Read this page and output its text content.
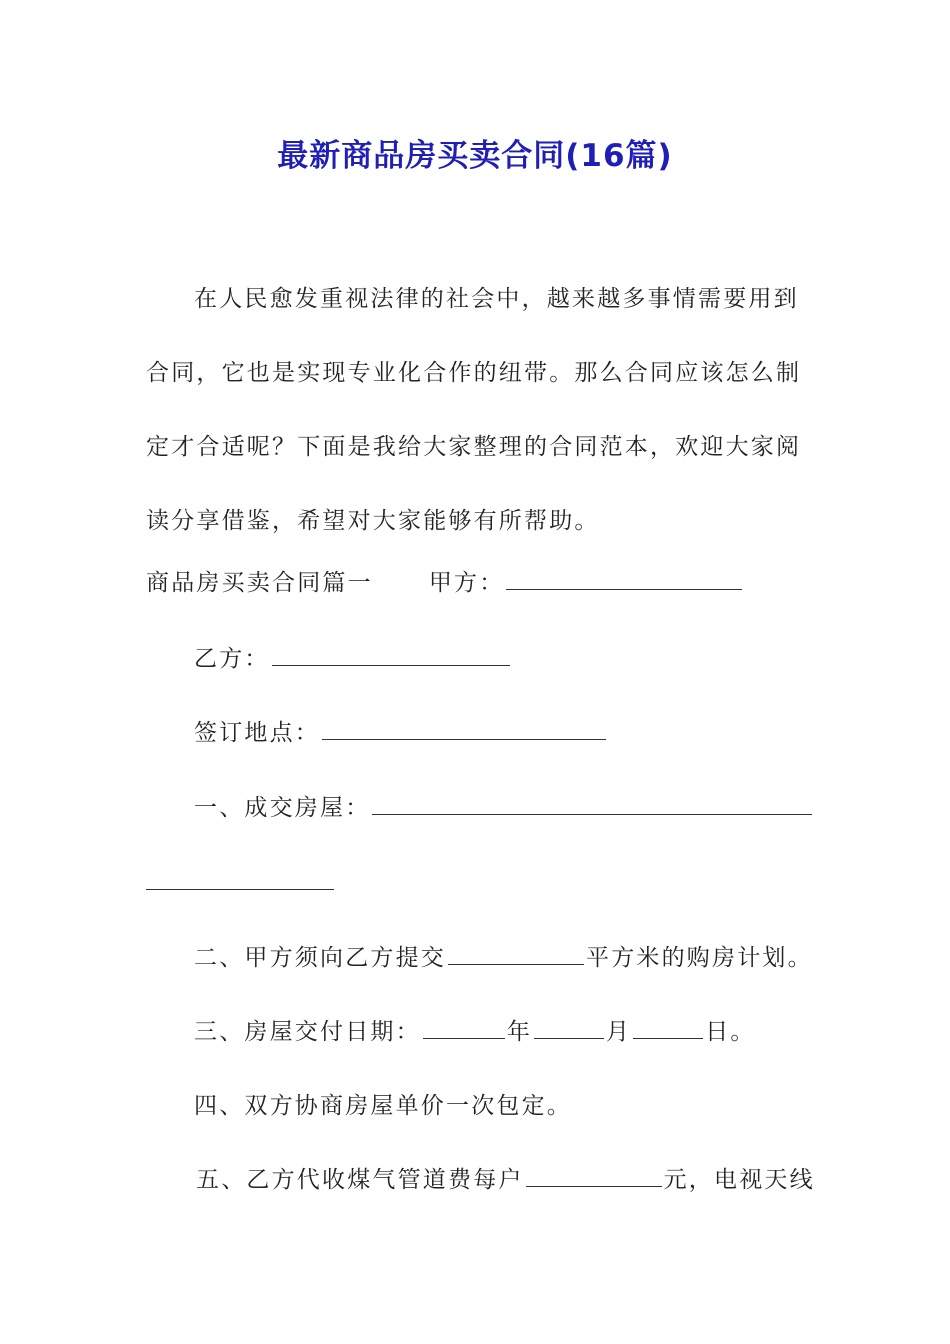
最新商品房买卖合同(16篇)

在人民愈发重视法律的社会中，越来越多事情需要用到合同，它也是实现专业化合作的纽带。那么合同应该怎么制定才合适呢？下面是我给大家整理的合同范本，欢迎大家阅读分享借鉴，希望对大家能够有所帮助。

商品房买卖合同篇一 甲方：
乙方：
签订地点：
一、成交房屋：
二、甲方须向乙方提交	平方米的购房计划。
三、房屋交付日期：	年	月	日。
四、双方协商房屋单价一次包定。
五、乙方代收煤气管道费每户	元，电视天线
